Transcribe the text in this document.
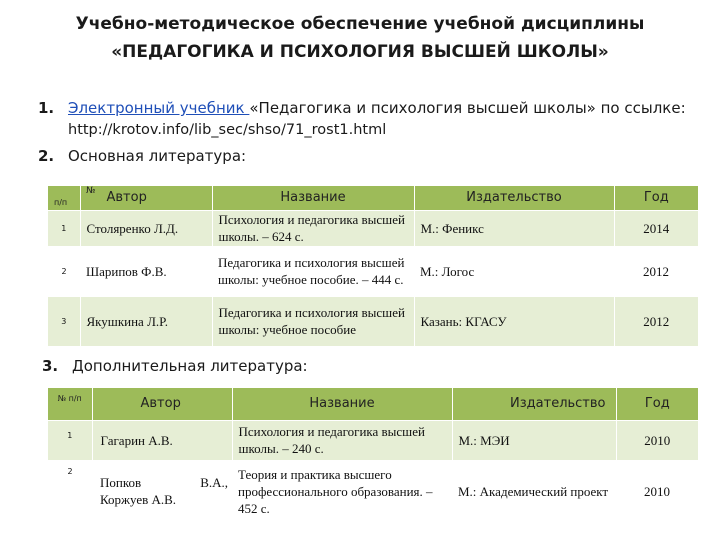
Учебно-методическое обеспечение учебной дисциплины
«ПЕДАГОГИКА И ПСИХОЛОГИЯ ВЫСШЕЙ ШКОЛЫ»
1. Электронный учебник «Педагогика и психология высшей школы» по ссылке:
http://krotov.info/lib_sec/shso/71_rost1.html
2. Основная литература:
№
п/п	Автор	Название	Издательство	Год
1	Столяренко Л.Д.	Психология и педагогика высшей школы. – 624 с.	М.: Феникс	2014
2	Шарипов Ф.В.	Педагогика и психология высшей школы: учебное пособие. – 444 с.	М.: Логос	2012
3	Якушкина Л.Р.	Педагогика и психология высшей школы: учебное пособие	Казань: КГАСУ	2012
3. Дополнительная литература:
№ п/п	Автор	Название	Издательство	Год
1	Гагарин А.В.	Психология и педагогика высшей школы. – 240 с.	М.: МЭИ	2010
2	Попков В.А.,
Коржуев А.В.	Теория и практика высшего профессионального образования. – 452 с.	М.: Академический проект	2010
